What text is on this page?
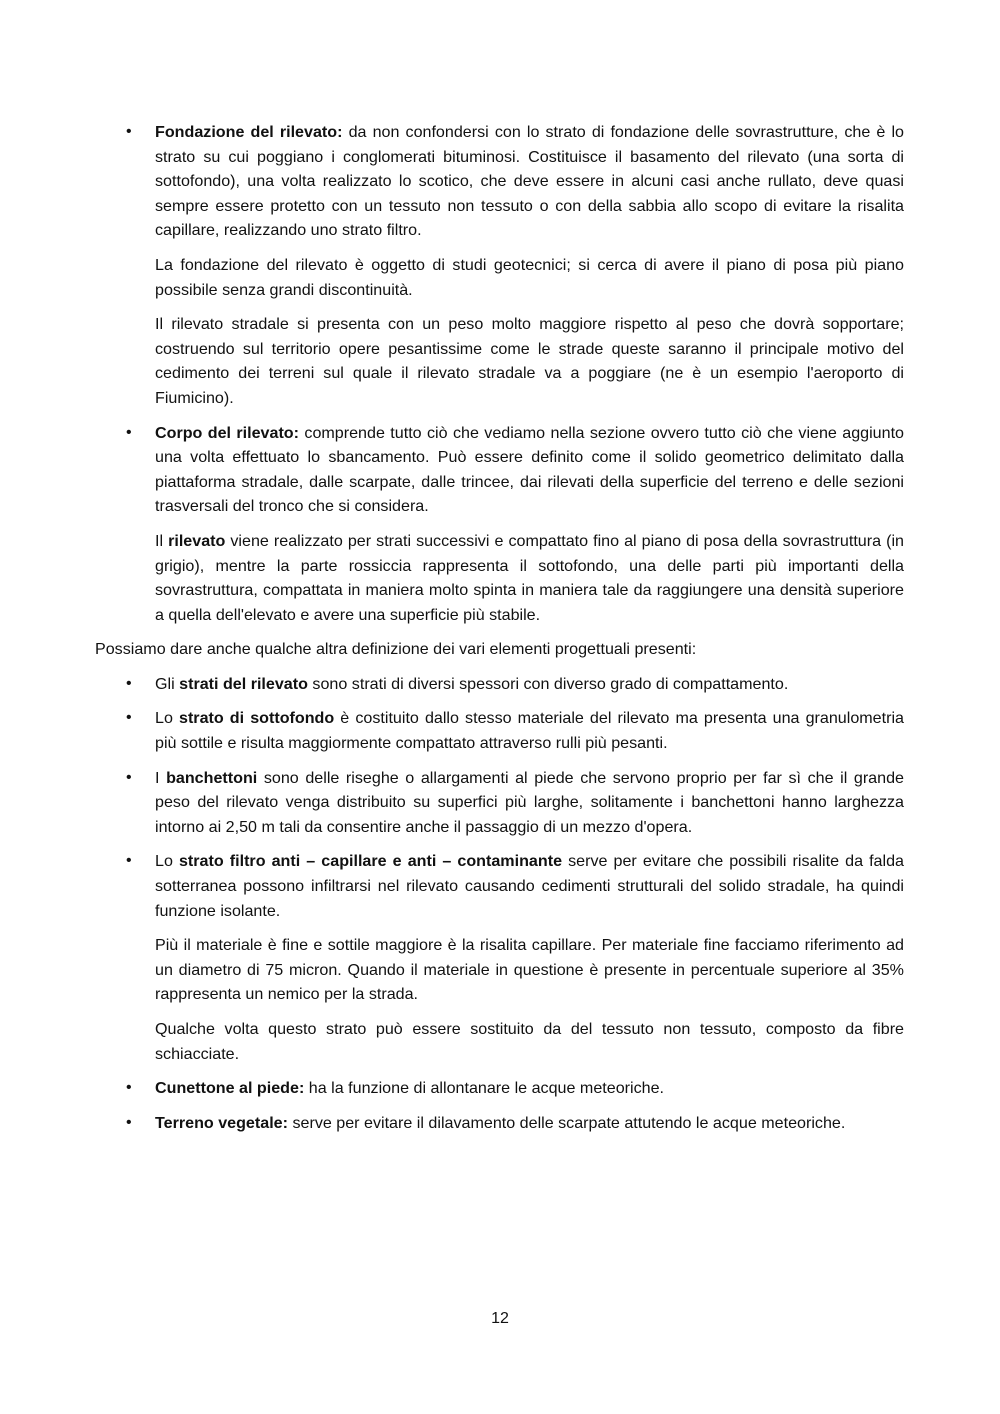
• Fondazione del rilevato: da non confondersi con lo strato di fondazione delle sovrastrutture, che è lo strato su cui poggiano i conglomerati bituminosi. Costituisce il basamento del rilevato (una sorta di sottofondo), una volta realizzato lo scotico, che deve essere in alcuni casi anche rullato, deve quasi sempre essere protetto con un tessuto non tessuto o con della sabbia allo scopo di evitare la risalita capillare, realizzando uno strato filtro.

La fondazione del rilevato è oggetto di studi geotecnici; si cerca di avere il piano di posa più piano possibile senza grandi discontinuità.

Il rilevato stradale si presenta con un peso molto maggiore rispetto al peso che dovrà sopportare; costruendo sul territorio opere pesantissime come le strade queste saranno il principale motivo del cedimento dei terreni sul quale il rilevato stradale va a poggiare (ne è un esempio l'aeroporto di Fiumicino).

• Corpo del rilevato: comprende tutto ciò che vediamo nella sezione ovvero tutto ciò che viene aggiunto una volta effettuato lo sbancamento. Può essere definito come il solido geometrico delimitato dalla piattaforma stradale, dalle scarpate, dalle trincee, dai rilevati della superficie del terreno e delle sezioni trasversali del tronco che si considera.

Il rilevato viene realizzato per strati successivi e compattato fino al piano di posa della sovrastruttura (in grigio), mentre la parte rossiccia rappresenta il sottofondo, una delle parti più importanti della sovrastruttura, compattata in maniera molto spinta in maniera tale da raggiungere una densità superiore a quella dell'elevato e avere una superficie più stabile.

Possiamo dare anche qualche altra definizione dei vari elementi progettuali presenti:

• Gli strati del rilevato sono strati di diversi spessori con diverso grado di compattamento.

• Lo strato di sottofondo è costituito dallo stesso materiale del rilevato ma presenta una granulometria più sottile e risulta maggiormente compattato attraverso rulli più pesanti.

• I banchettoni sono delle riseghe o allargamenti al piede che servono proprio per far sì che il grande peso del rilevato venga distribuito su superfici più larghe, solitamente i banchettoni hanno larghezza intorno ai 2,50 m tali da consentire anche il passaggio di un mezzo d'opera.

• Lo strato filtro anti – capillare e anti – contaminante serve per evitare che possibili risalite da falda sotterranea possono infiltrarsi nel rilevato causando cedimenti strutturali del solido stradale, ha quindi funzione isolante.

Più il materiale è fine e sottile maggiore è la risalita capillare. Per materiale fine facciamo riferimento ad un diametro di 75 micron. Quando il materiale in questione è presente in percentuale superiore al 35% rappresenta un nemico per la strada.

Qualche volta questo strato può essere sostituito da del tessuto non tessuto, composto da fibre schiacciate.

• Cunettone al piede: ha la funzione di allontanare le acque meteoriche.

• Terreno vegetale: serve per evitare il dilavamento delle scarpate attutendo le acque meteoriche.

12
